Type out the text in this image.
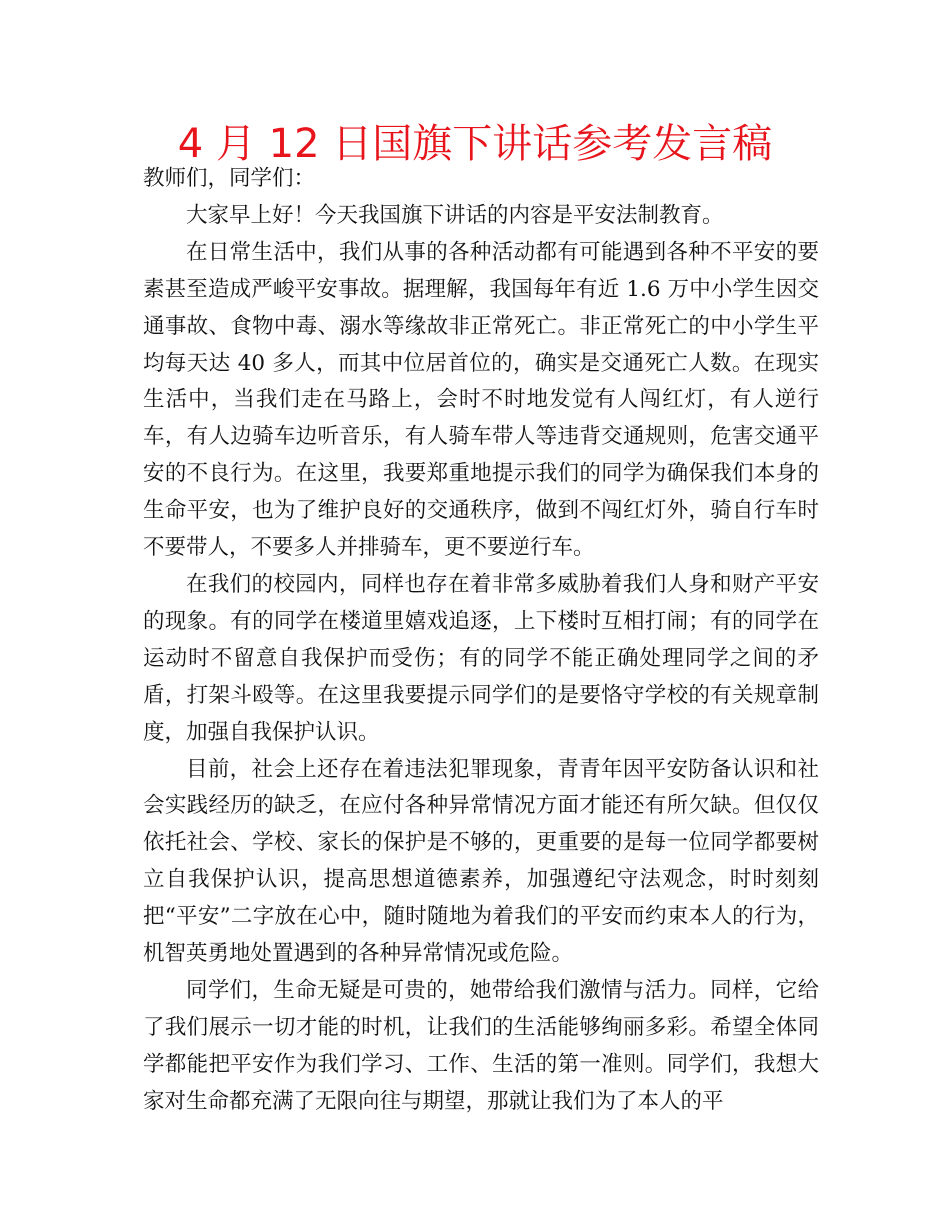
4 月 12 日国旗下讲话参考发言稿

教师们，同学们：

大家早上好！今天我国旗下讲话的内容是平安法制教育。

在日常生活中，我们从事的各种活动都有可能遇到各种不平安的要素甚至造成严峻平安事故。据理解，我国每年有近 1.6 万中小学生因交通事故、食物中毒、溺水等缘故非正常死亡。非正常死亡的中小学生平均每天达 40 多人，而其中位居首位的，确实是交通死亡人数。在现实生活中，当我们走在马路上，会时不时地发觉有人闯红灯，有人逆行车，有人边骑车边听音乐，有人骑车带人等违背交通规则，危害交通平安的不良行为。在这里，我要郑重地提示我们的同学为确保我们本身的生命平安，也为了维护良好的交通秩序，做到不闯红灯外，骑自行车时不要带人，不要多人并排骑车，更不要逆行车。

在我们的校园内，同样也存在着非常多威胁着我们人身和财产平安的现象。有的同学在楼道里嬉戏追逐，上下楼时互相打闹；有的同学在运动时不留意自我保护而受伤；有的同学不能正确处理同学之间的矛盾，打架斗殴等。在这里我要提示同学们的是要恪守学校的有关规章制度，加强自我保护认识。

目前，社会上还存在着违法犯罪现象，青青年因平安防备认识和社会实践经历的缺乏，在应付各种异常情况方面才能还有所欠缺。但仅仅依托社会、学校、家长的保护是不够的，更重要的是每一位同学都要树立自我保护认识，提高思想道德素养，加强遵纪守法观念，时时刻刻把“平安”二字放在心中，随时随地为着我们的平安而约束本人的行为，机智英勇地处置遇到的各种异常情况或危险。

同学们，生命无疑是可贵的，她带给我们激情与活力。同样，它给了我们展示一切才能的时机，让我们的生活能够绚丽多彩。希望全体同学都能把平安作为我们学习、工作、生活的第一准则。同学们，我想大家对生命都充满了无限向往与期望，那就让我们为了本人的平
